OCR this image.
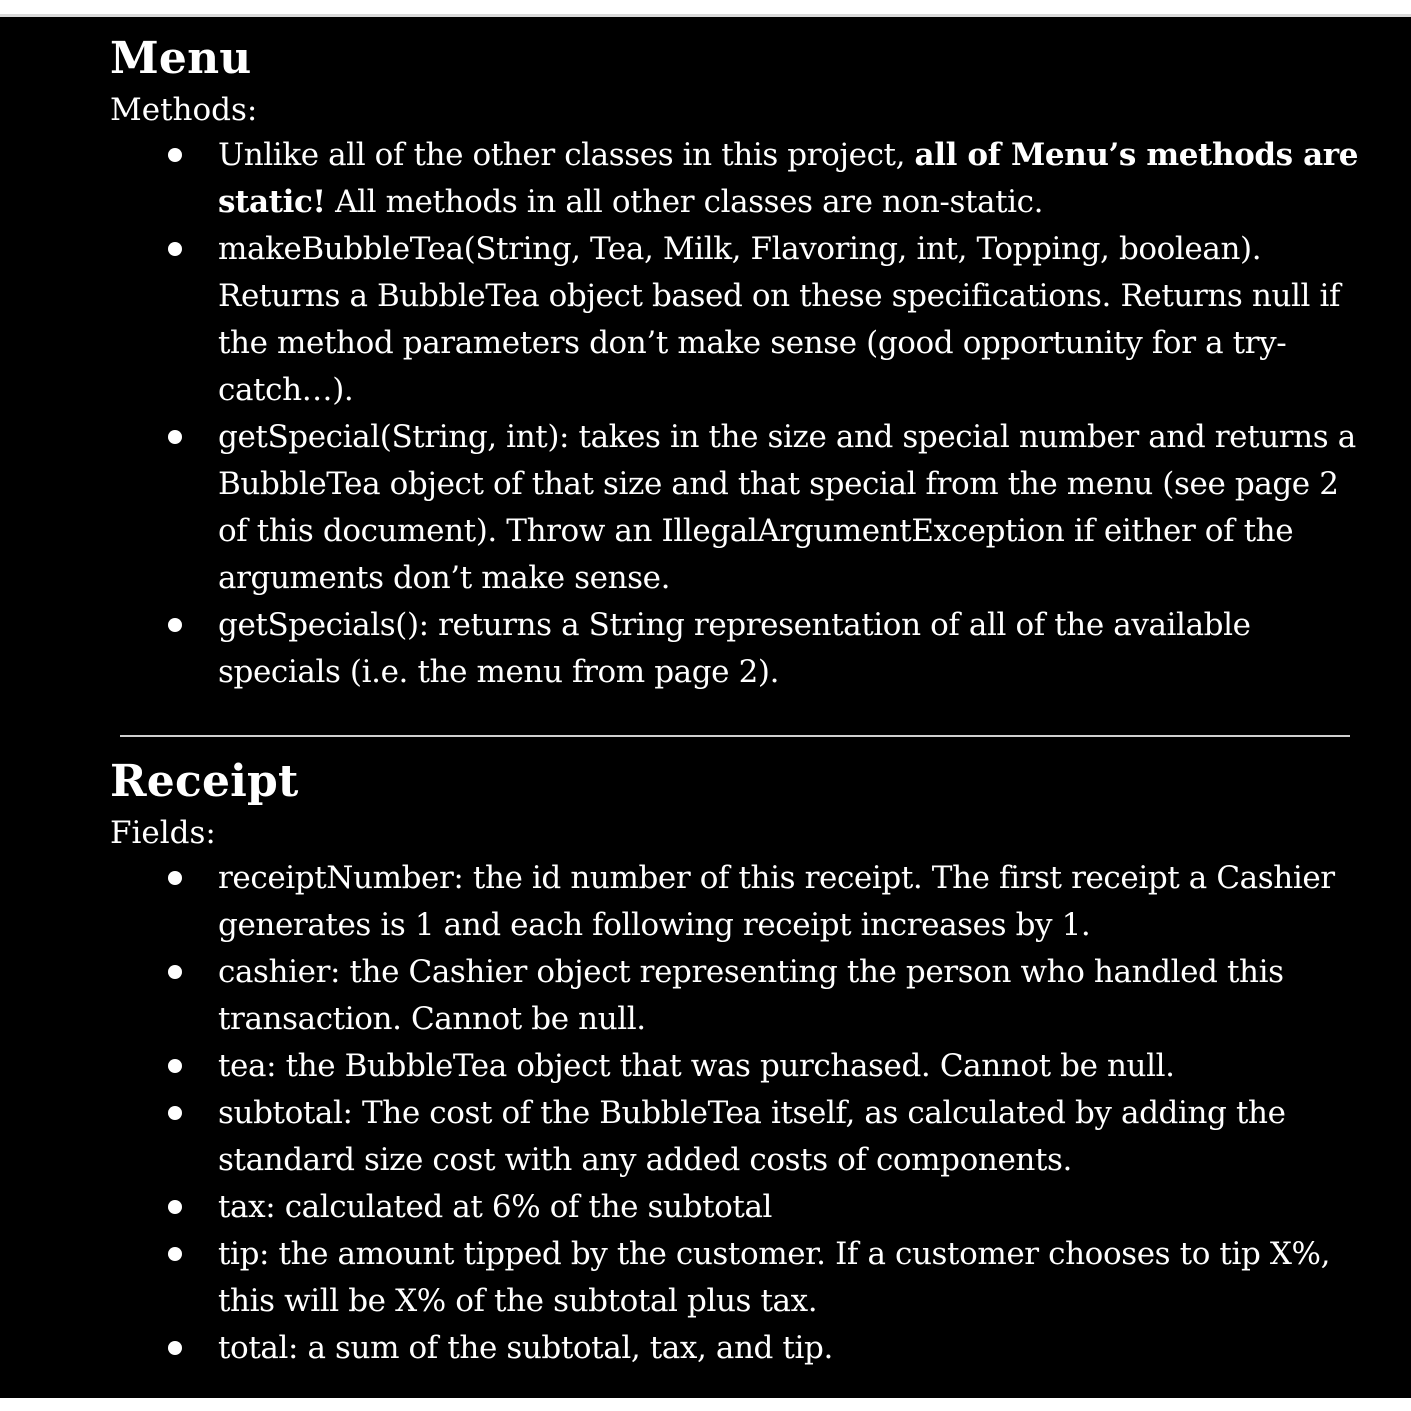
Menu
Methods:
Unlike all of the other classes in this project, all of Menu’s methods are static! All methods in all other classes are non-static.
makeBubbleTea(String, Tea, Milk, Flavoring, int, Topping, boolean). Returns a BubbleTea object based on these specifications. Returns null if the method parameters don’t make sense (good opportunity for a try-catch…).
getSpecial(String, int): takes in the size and special number and returns a BubbleTea object of that size and that special from the menu (see page 2 of this document). Throw an IllegalArgumentException if either of the arguments don’t make sense.
getSpecials(): returns a String representation of all of the available specials (i.e. the menu from page 2).
Receipt
Fields:
receiptNumber: the id number of this receipt. The first receipt a Cashier generates is 1 and each following receipt increases by 1.
cashier: the Cashier object representing the person who handled this transaction. Cannot be null.
tea: the BubbleTea object that was purchased. Cannot be null.
subtotal: The cost of the BubbleTea itself, as calculated by adding the standard size cost with any added costs of components.
tax: calculated at 6% of the subtotal
tip: the amount tipped by the customer. If a customer chooses to tip X%, this will be X% of the subtotal plus tax.
total: a sum of the subtotal, tax, and tip.
